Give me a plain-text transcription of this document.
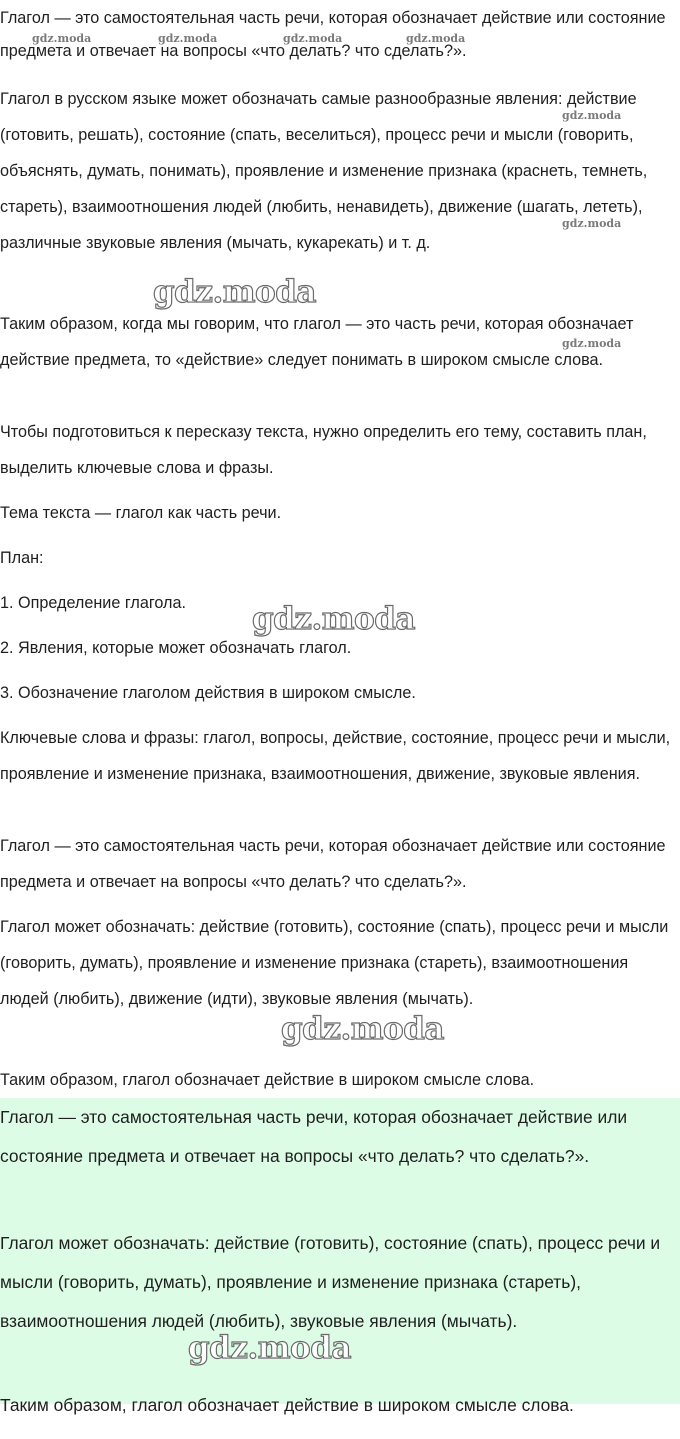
Глагол — это самостоятельная часть речи, которая обозначает действие или состояние предмета и отвечает на вопросы «что делать? что сделать?».

Глагол в русском языке может обозначать самые разнообразные явления: действие (готовить, решать), состояние (спать, веселиться), процесс речи и мысли (говорить, объяснять, думать, понимать), проявление и изменение признака (краснеть, темнеть, стареть), взаимоотношения людей (любить, ненавидеть), движение (шагать, лететь), различные звуковые явления (мычать, кукарекать) и т. д.

Таким образом, когда мы говорим, что глагол — это часть речи, которая обозначает действие предмета, то «действие» следует понимать в широком смысле слова.

Чтобы подготовиться к пересказу текста, нужно определить его тему, составить план, выделить ключевые слова и фразы.

Тема текста — глагол как часть речи.

План:

1. Определение глагола.

2. Явления, которые может обозначать глагол.

3. Обозначение глаголом действия в широком смысле.

Ключевые слова и фразы: глагол, вопросы, действие, состояние, процесс речи и мысли, проявление и изменение признака, взаимоотношения, движение, звуковые явления.

Глагол — это самостоятельная часть речи, которая обозначает действие или состояние предмета и отвечает на вопросы «что делать? что сделать?».

Глагол может обозначать: действие (готовить), состояние (спать), процесс речи и мысли (говорить, думать), проявление и изменение признака (стареть), взаимоотношения людей (любить), движение (идти), звуковые явления (мычать).

Таким образом, глагол обозначает действие в широком смысле слова.

Глагол — это самостоятельная часть речи, которая обозначает действие или состояние предмета и отвечает на вопросы «что делать? что сделать?».

Глагол может обозначать: действие (готовить), состояние (спать), процесс речи и мысли (говорить, думать), проявление и изменение признака (стареть), взаимоотношения людей (любить), звуковые явления (мычать).

Таким образом, глагол обозначает действие в широком смысле слова.

gdz.moda	gdz.moda	gdz.moda	gdz.moda
gdz.moda
gdz.moda
gdz.moda
gdz.moda
gdz.moda
gdz.moda
gdz.moda
